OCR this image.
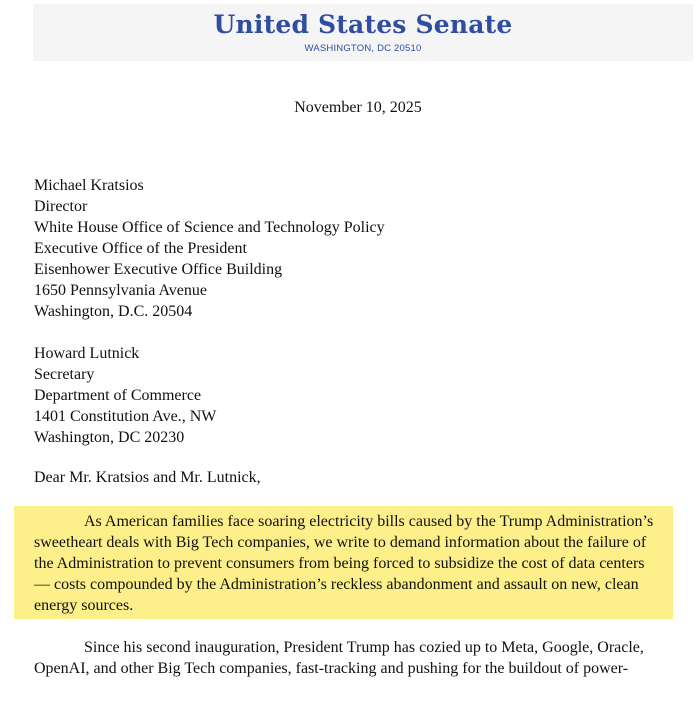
United States Senate
WASHINGTON, DC 20510
November 10, 2025
Michael Kratsios
Director
White House Office of Science and Technology Policy
Executive Office of the President
Eisenhower Executive Office Building
1650 Pennsylvania Avenue
Washington, D.C. 20504
Howard Lutnick
Secretary
Department of Commerce
1401 Constitution Ave., NW
Washington, DC 20230
Dear Mr. Kratsios and Mr. Lutnick,
As American families face soaring electricity bills caused by the Trump Administration’s
sweetheart deals with Big Tech companies, we write to demand information about the failure of
the Administration to prevent consumers from being forced to subsidize the cost of data centers
— costs compounded by the Administration’s reckless abandonment and assault on new, clean
energy sources.
Since his second inauguration, President Trump has cozied up to Meta, Google, Oracle,
OpenAI, and other Big Tech companies, fast-tracking and pushing for the buildout of power-
